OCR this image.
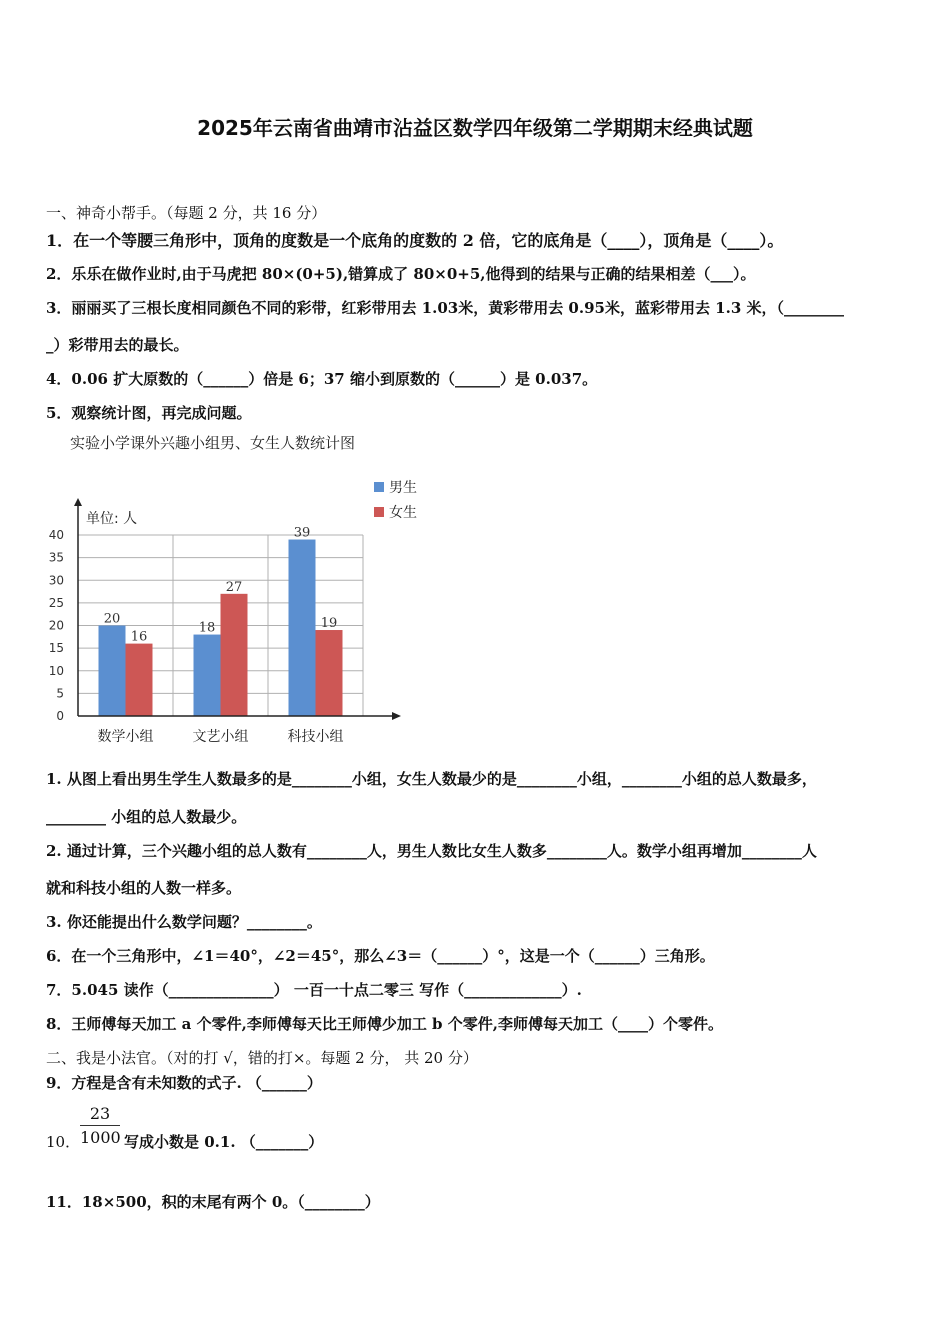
2025年云南省曲靖市沾益区数学四年级第二学期期末经典试题
一、神奇小帮手。（每题 2 分，共 16 分）
1．在一个等腰三角形中，顶角的度数是一个底角的度数的 2 倍，它的底角是（____），顶角是（____）。
2．乐乐在做作业时,由于马虎把 80×(0+5),错算成了 80×0+5,他得到的结果与正确的结果相差（___）。
3．丽丽买了三根长度相同颜色不同的彩带，红彩带用去 1.03米，黄彩带用去 0.95米，蓝彩带用去 1.3 米，（________
_）彩带用去的最长。
4．0.06 扩大原数的（______）倍是 6；37 缩小到原数的（______）是 0.037。
5．观察统计图，再完成问题。
实验小学课外兴趣小组男、女生人数统计图
0
5
10
15
20
25
30
35
40
20
16
数学小组
18
27
文艺小组
39
19
科技小组
单位: 人
男生
女生
1. 从图上看出男生学生人数最多的是________小组，女生人数最少的是________小组，________小组的总人数最多，
________ 小组的总人数最少。
2. 通过计算，三个兴趣小组的总人数有________人，男生人数比女生人数多________人。数学小组再增加________人
就和科技小组的人数一样多。
3. 你还能提出什么数学问题？________。
6．在一个三角形中，∠1＝40°，∠2＝45°，那么∠3＝（______）°，这是一个（______）三角形。
7．5.045 读作（______________） 一百一十点二零三 写作（_____________）.
8．王师傅每天加工 a 个零件,李师傅每天比王师傅少加工 b 个零件,李师傅每天加工（____）个零件。
二、我是小法官。（对的打 √，错的打×。每题 2 分， 共 20 分）
9．方程是含有未知数的式子. （______）
10． $\frac{23}{1000}$ 写成小数是 0.1. （_______）
11．18×500，积的末尾有两个 0。（________）
